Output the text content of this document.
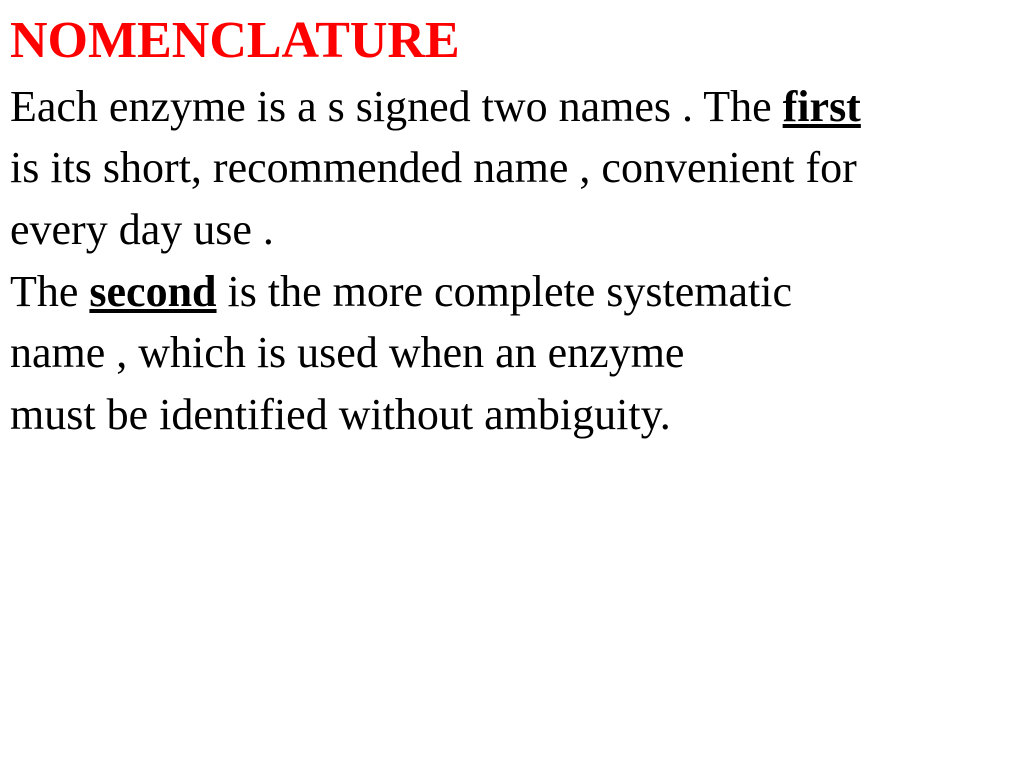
NOMENCLATURE

Each enzyme is a s signed two names . The first

is its short, recommended name , convenient for

every day use .

The second is the more complete systematic

name , which is used when an enzyme

must be identified without ambiguity.
